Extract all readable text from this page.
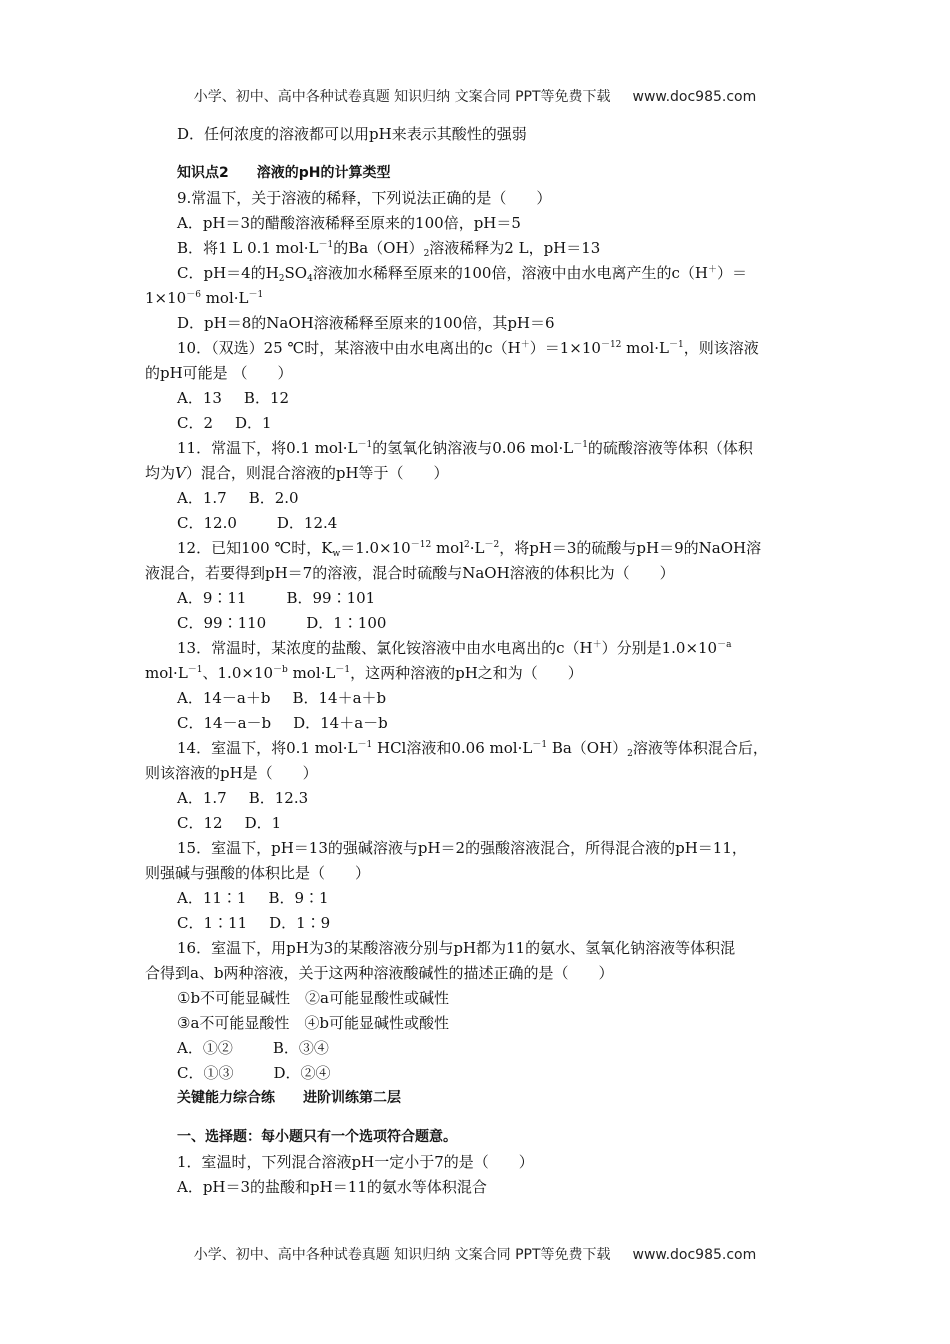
小学、初中、高中各种试卷真题 知识归纳 文案合同 PPT等免费下载 www.doc985.com
D．任何浓度的溶液都可以用pH来表示其酸性的强弱
知识点2　　溶液的pH的计算类型
9.常温下，关于溶液的稀释，下列说法正确的是（　　）
A．pH＝3的醋酸溶液稀释至原来的100倍，pH＝5
B．将1 L 0.1 $mol\cdot L^{-1}$的$Ba(OH)_2$溶液稀释为2 L，pH＝13
C．pH＝4的$H_2SO_4$溶液加水稀释至原来的100倍，溶液中由水电离产生的c（H＋）＝
$1\times 10^{-6}$ $mol\cdot L^{-1}$
D．pH＝8的NaOH溶液稀释至原来的100倍，其pH＝6
10．（双选）25 ℃时，某溶液中由水电离出的$c(H^+)=1\times 10^{-12}$ $mol\cdot L^{-1}$，则该溶液
的pH可能是 （　　）
A．13 B．12
C．2 D．1
11．常温下，将0.1 $mol\cdot L^{-1}$的氢氧化钠溶液与0.06 $mol\cdot L^{-1}$的硫酸溶液等体积（体积
均为V）混合，则混合溶液的pH等于（　　）
A．1.7 B．2.0
C．12.0	D．12.4
12．已知100 ℃时，$K_w=1.0\times 10^{-12}$ $mol^2\cdot L^{-2}$，将pH＝3的硫酸与pH＝9的NaOH溶
液混合，若要得到pH＝7的溶液，混合时硫酸与NaOH溶液的体积比为（　　）
A．9∶11	B．99∶101
C．99∶110	D．1∶100
13．常温时，某浓度的盐酸、氯化铵溶液中由水电离出的c（H＋）分别是$1.0\times 10^{-a}$
$mol\cdot L^{-1}$、$1.0\times 10^{-b}$ $mol\cdot L^{-1}$，这两种溶液的pH之和为（　　）
A．14－a＋b B．14＋a＋b
C．14－a－b D．14＋a－b
14．室温下，将0.1 $mol\cdot L^{-1}$ HCl溶液和0.06 $mol\cdot L^{-1}$ $Ba(OH)_2$溶液等体积混合后，
则该溶液的pH是（　　）
A．1.7 B．12.3
C．12 D．1
15．室温下，pH＝13的强碱溶液与pH＝2的强酸溶液混合，所得混合液的pH＝11，
则强碱与强酸的体积比是（　　）
A．11∶1 B．9∶1
C．1∶11 D．1∶9
16．室温下，用pH为3的某酸溶液分别与pH都为11的氨水、氢氧化钠溶液等体积混
合得到a、b两种溶液，关于这两种溶液酸碱性的描述正确的是（　　）
①b不可能显碱性　②a可能显酸性或碱性
③a不可能显酸性　④b可能显碱性或酸性
A．①②	B．③④
C．①③	D．②④
关键能力综合练　　进阶训练第二层
一、选择题：每小题只有一个选项符合题意。
1．室温时，下列混合溶液pH一定小于7的是（　　）
A．pH＝3的盐酸和pH＝11的氨水等体积混合
小学、初中、高中各种试卷真题 知识归纳 文案合同 PPT等免费下载 www.doc985.com
